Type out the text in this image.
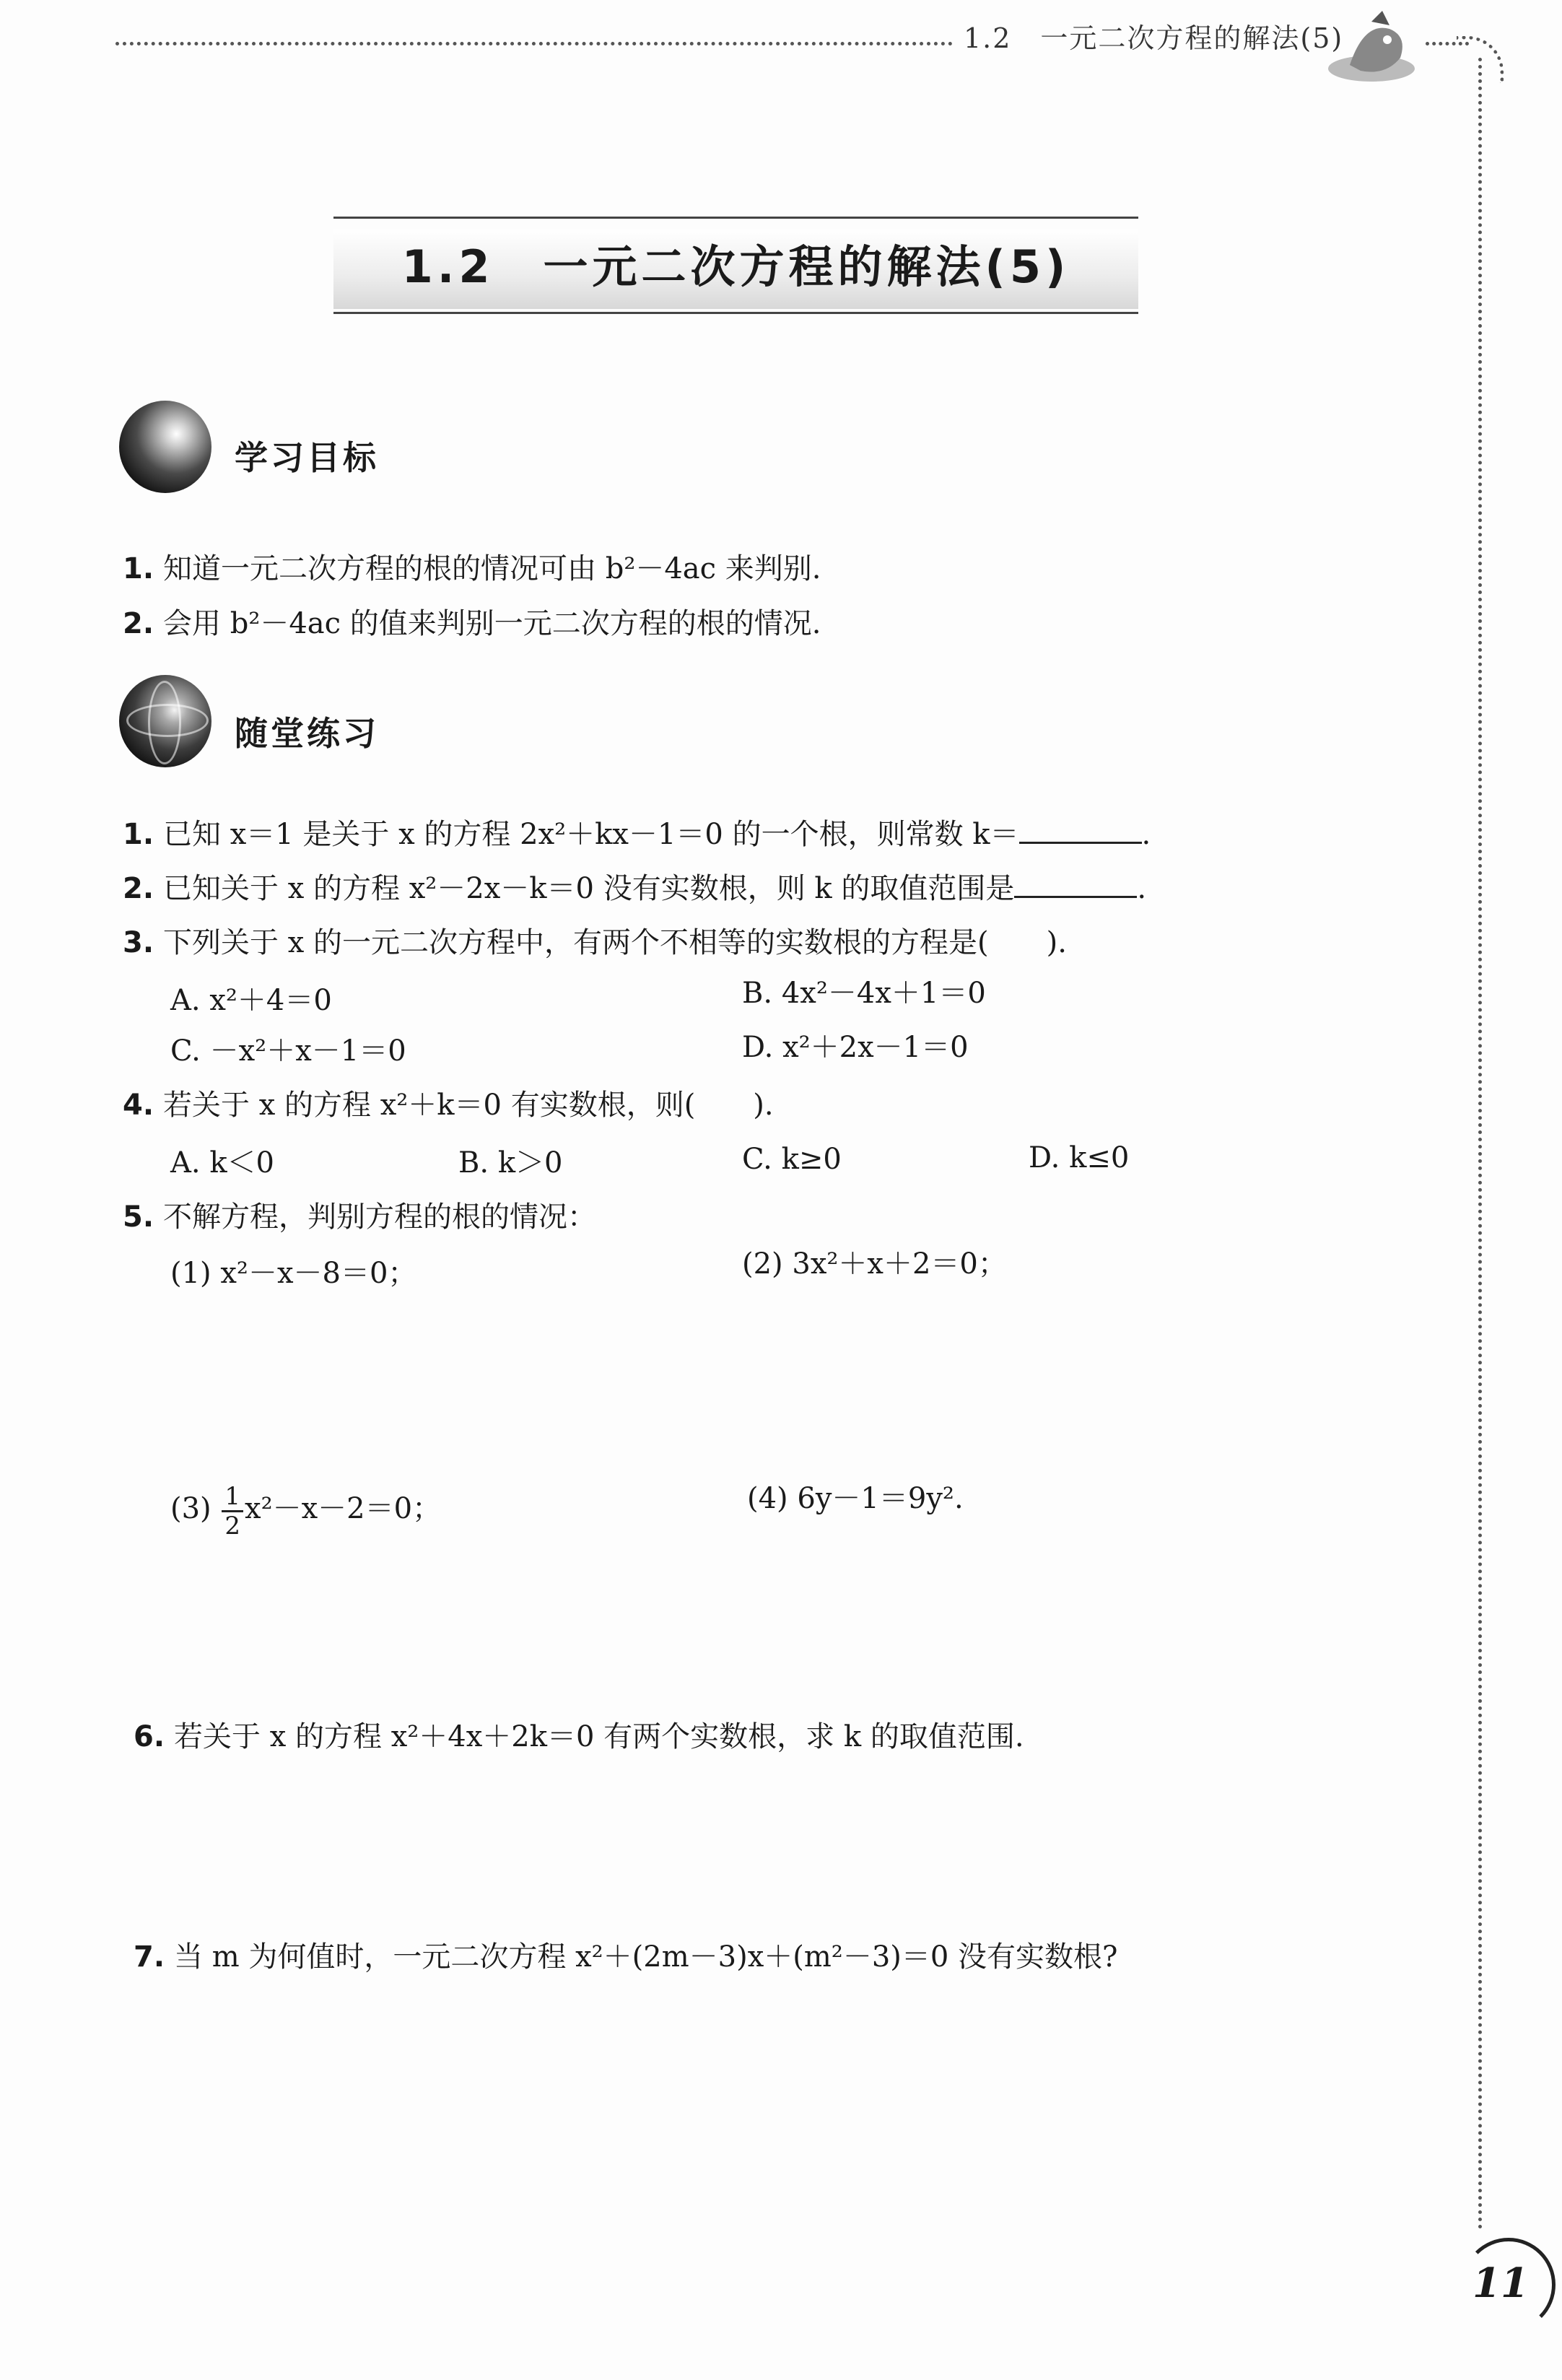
1.2　一元二次方程的解法(5)
1.2　一元二次方程的解法(5)
学习目标
1. 知道一元二次方程的根的情况可由 b²－4ac 来判别.
2. 会用 b²－4ac 的值来判别一元二次方程的根的情况.
随堂练习
1. 已知 x＝1 是关于 x 的方程 2x²＋kx－1＝0 的一个根，则常数 k＝	.
2. 已知关于 x 的方程 x²－2x－k＝0 没有实数根，则 k 的取值范围是	.
3. 下列关于 x 的一元二次方程中，有两个不相等的实数根的方程是(　　).
A. x²＋4＝0	B. 4x²－4x＋1＝0
C. －x²＋x－1＝0	D. x²＋2x－1＝0
4. 若关于 x 的方程 x²＋k＝0 有实数根，则(　　).
A. k＜0	B. k＞0	C. k≥0	D. k≤0
5. 不解方程，判别方程的根的情况：
(1) x²－x－8＝0；	(2) 3x²＋x＋2＝0；
$(3) \frac{1}{2} x^2-x-2=0$；	(4) 6y－1＝9y².
6. 若关于 x 的方程 x²＋4x＋2k＝0 有两个实数根，求 k 的取值范围.
7. 当 m 为何值时，一元二次方程 x²＋(2m－3)x＋(m²－3)＝0 没有实数根?
11
